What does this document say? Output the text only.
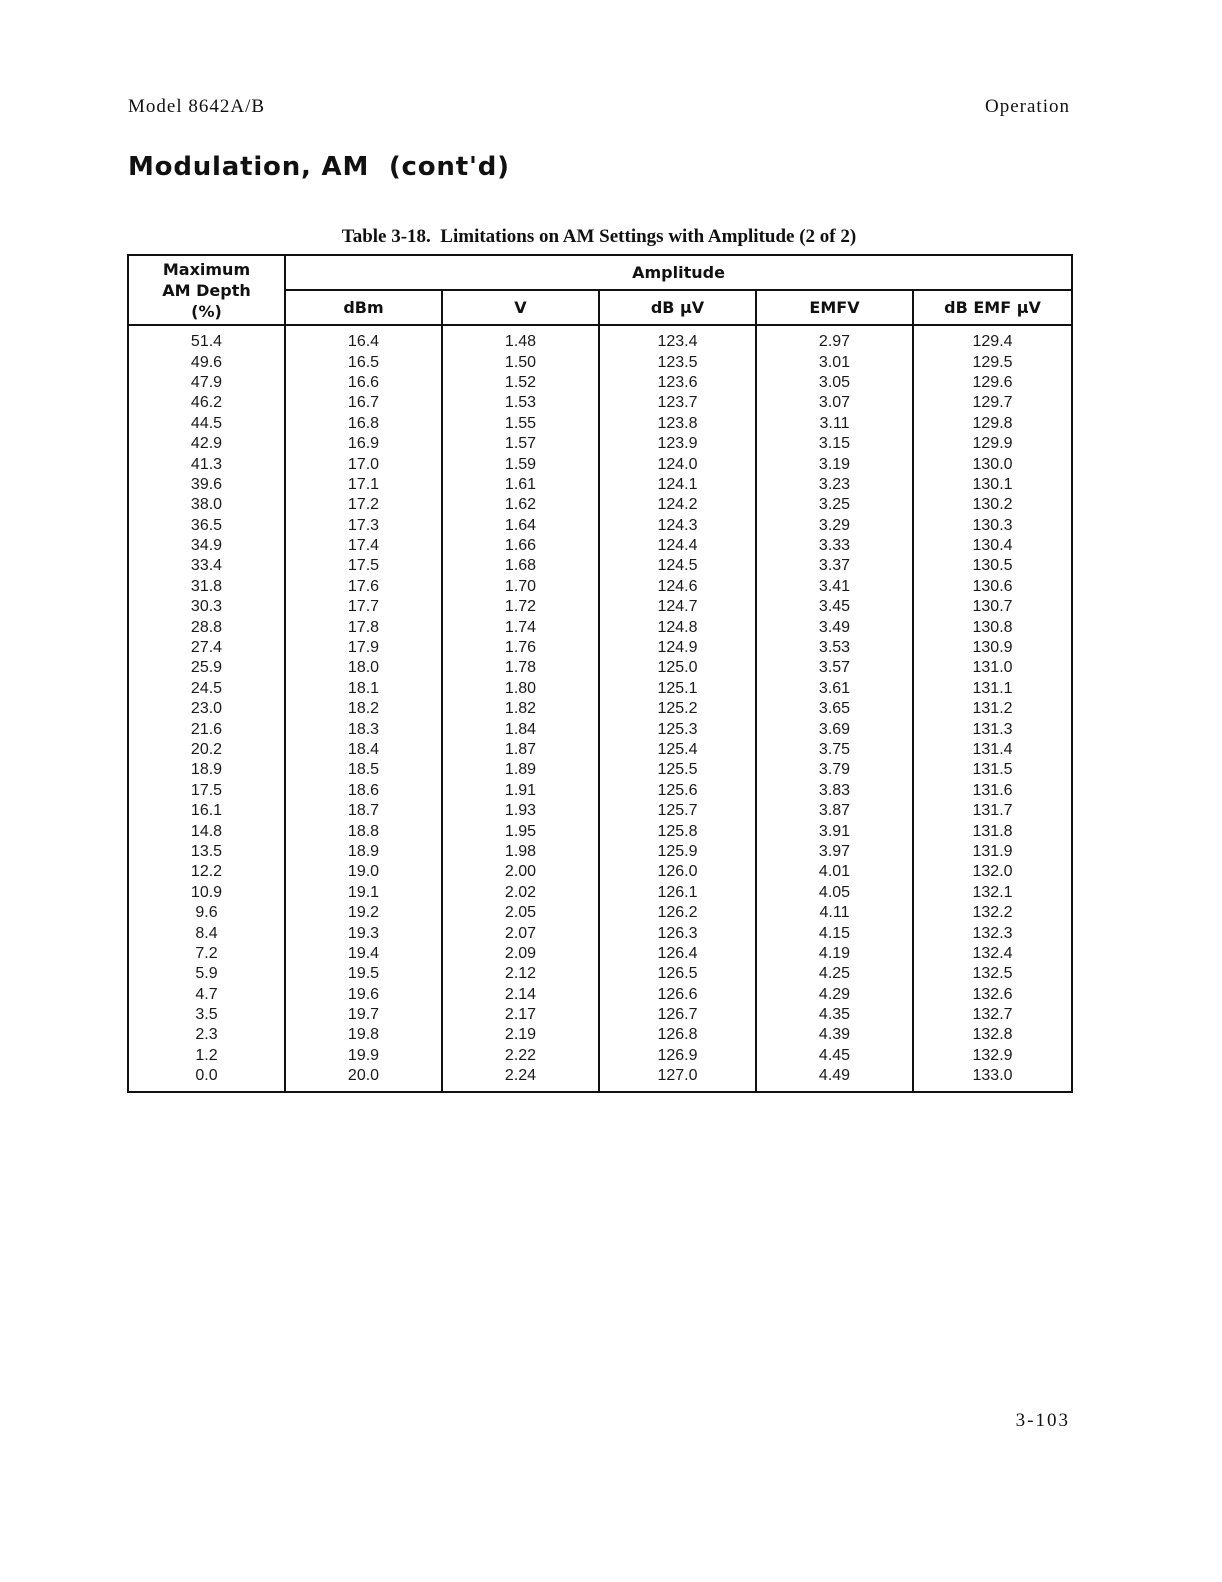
Model 8642A/B	Operation
Modulation, AM  (cont'd)
Table 3-18.  Limitations on AM Settings with Amplitude (2 of 2)
Maximum
AM Depth
(%)	Amplitude				
	dBm	V	dB µV	EMFV	dB EMF µV
51.4	16.4	1.48	123.4	2.97	129.4
49.6	16.5	1.50	123.5	3.01	129.5
47.9	16.6	1.52	123.6	3.05	129.6
46.2	16.7	1.53	123.7	3.07	129.7
44.5	16.8	1.55	123.8	3.11	129.8
42.9	16.9	1.57	123.9	3.15	129.9
41.3	17.0	1.59	124.0	3.19	130.0
39.6	17.1	1.61	124.1	3.23	130.1
38.0	17.2	1.62	124.2	3.25	130.2
36.5	17.3	1.64	124.3	3.29	130.3
34.9	17.4	1.66	124.4	3.33	130.4
33.4	17.5	1.68	124.5	3.37	130.5
31.8	17.6	1.70	124.6	3.41	130.6
30.3	17.7	1.72	124.7	3.45	130.7
28.8	17.8	1.74	124.8	3.49	130.8
27.4	17.9	1.76	124.9	3.53	130.9
25.9	18.0	1.78	125.0	3.57	131.0
24.5	18.1	1.80	125.1	3.61	131.1
23.0	18.2	1.82	125.2	3.65	131.2
21.6	18.3	1.84	125.3	3.69	131.3
20.2	18.4	1.87	125.4	3.75	131.4
18.9	18.5	1.89	125.5	3.79	131.5
17.5	18.6	1.91	125.6	3.83	131.6
16.1	18.7	1.93	125.7	3.87	131.7
14.8	18.8	1.95	125.8	3.91	131.8
13.5	18.9	1.98	125.9	3.97	131.9
12.2	19.0	2.00	126.0	4.01	132.0
10.9	19.1	2.02	126.1	4.05	132.1
9.6	19.2	2.05	126.2	4.11	132.2
8.4	19.3	2.07	126.3	4.15	132.3
7.2	19.4	2.09	126.4	4.19	132.4
5.9	19.5	2.12	126.5	4.25	132.5
4.7	19.6	2.14	126.6	4.29	132.6
3.5	19.7	2.17	126.7	4.35	132.7
2.3	19.8	2.19	126.8	4.39	132.8
1.2	19.9	2.22	126.9	4.45	132.9
0.0	20.0	2.24	127.0	4.49	133.0
3-103
